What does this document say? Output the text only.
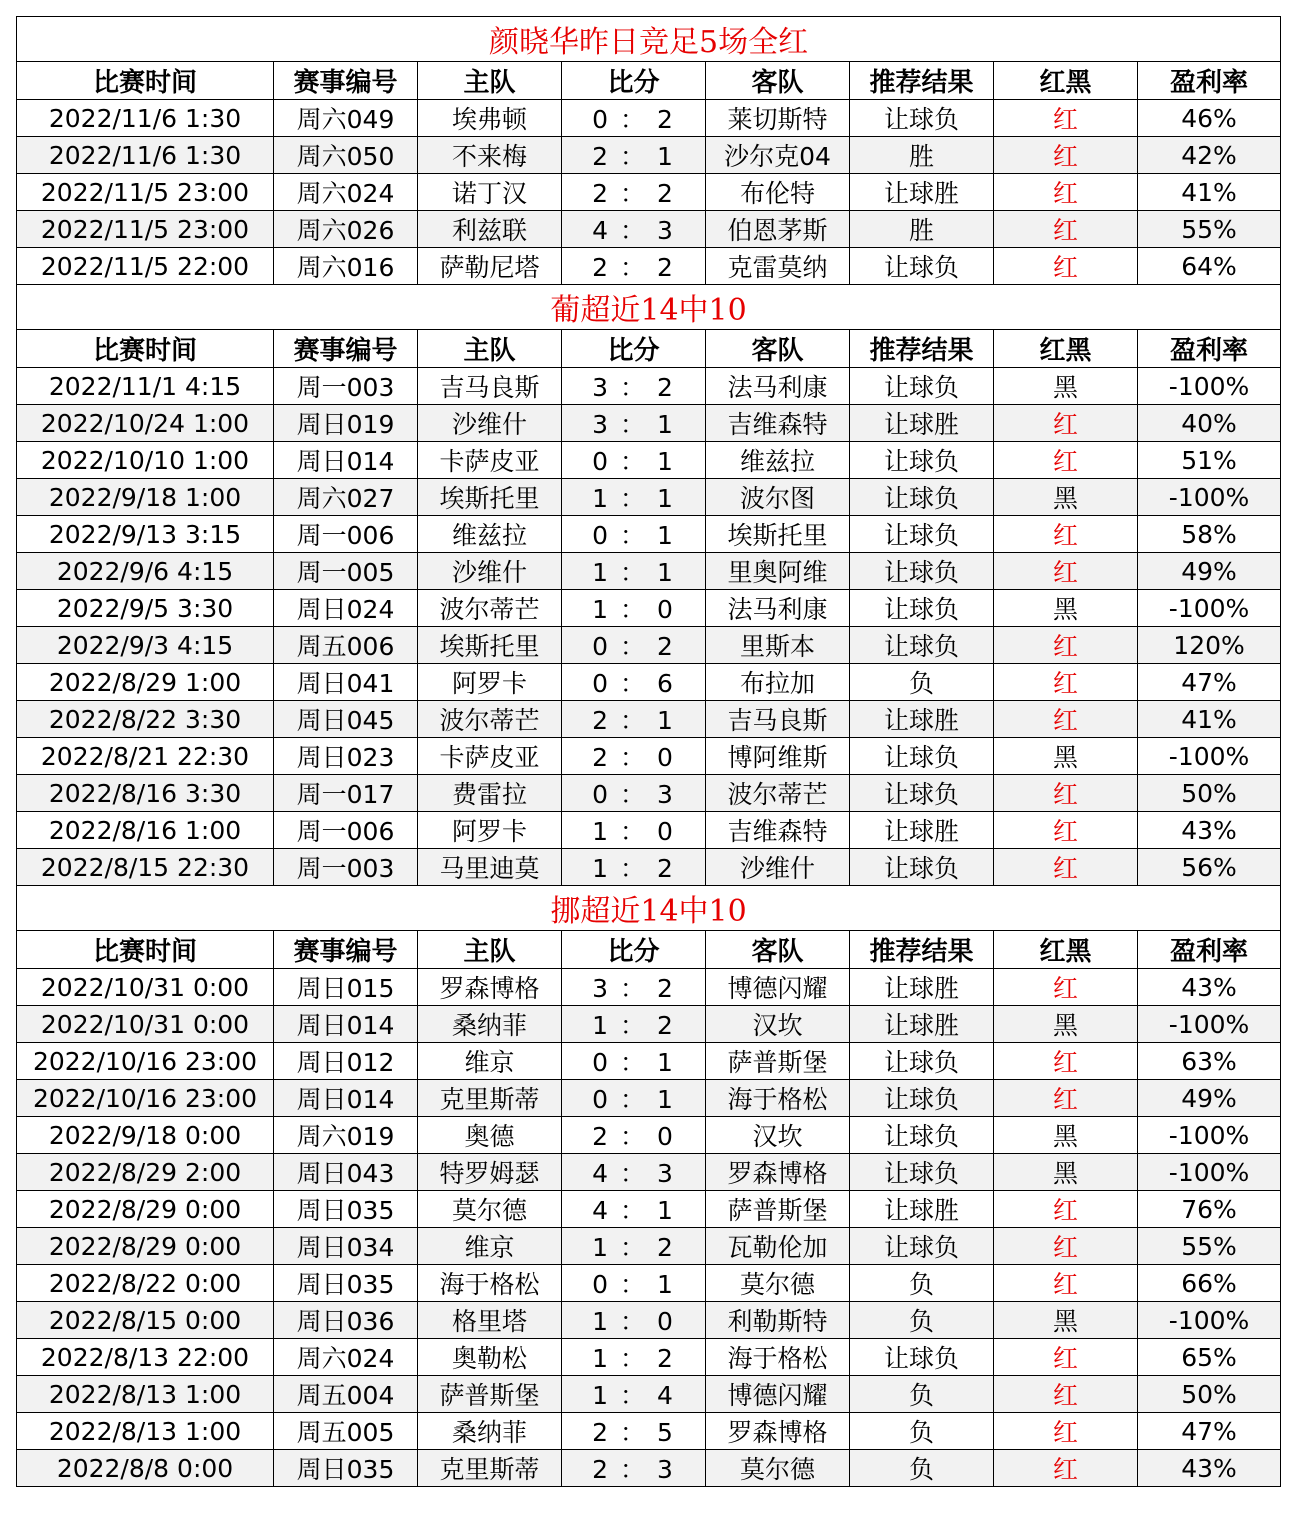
颜晓华昨日竞足5场全红							
比赛时间	赛事编号	主队	比分	客队	推荐结果	红黑	盈利率
2022/11/6 1:30	周六049	埃弗顿	0 ： 2	莱切斯特	让球负	红	46%
2022/11/6 1:30	周六050	不来梅	2 ： 1	沙尔克04	胜	红	42%
2022/11/5 23:00	周六024	诺丁汉	2 ： 2	布伦特	让球胜	红	41%
2022/11/5 23:00	周六026	利兹联	4 ： 3	伯恩茅斯	胜	红	55%
2022/11/5 22:00	周六016	萨勒尼塔	2 ： 2	克雷莫纳	让球负	红	64%
葡超近14中10							
比赛时间	赛事编号	主队	比分	客队	推荐结果	红黑	盈利率
2022/11/1 4:15	周一003	吉马良斯	3 ： 2	法马利康	让球负	黑	-100%
2022/10/24 1:00	周日019	沙维什	3 ： 1	吉维森特	让球胜	红	40%
2022/10/10 1:00	周日014	卡萨皮亚	0 ： 1	维兹拉	让球负	红	51%
2022/9/18 1:00	周六027	埃斯托里	1 ： 1	波尔图	让球负	黑	-100%
2022/9/13 3:15	周一006	维兹拉	0 ： 1	埃斯托里	让球负	红	58%
2022/9/6 4:15	周一005	沙维什	1 ： 1	里奥阿维	让球负	红	49%
2022/9/5 3:30	周日024	波尔蒂芒	1 ： 0	法马利康	让球负	黑	-100%
2022/9/3 4:15	周五006	埃斯托里	0 ： 2	里斯本	让球负	红	120%
2022/8/29 1:00	周日041	阿罗卡	0 ： 6	布拉加	负	红	47%
2022/8/22 3:30	周日045	波尔蒂芒	2 ： 1	吉马良斯	让球胜	红	41%
2022/8/21 22:30	周日023	卡萨皮亚	2 ： 0	博阿维斯	让球负	黑	-100%
2022/8/16 3:30	周一017	费雷拉	0 ： 3	波尔蒂芒	让球负	红	50%
2022/8/16 1:00	周一006	阿罗卡	1 ： 0	吉维森特	让球胜	红	43%
2022/8/15 22:30	周一003	马里迪莫	1 ： 2	沙维什	让球负	红	56%
挪超近14中10							
比赛时间	赛事编号	主队	比分	客队	推荐结果	红黑	盈利率
2022/10/31 0:00	周日015	罗森博格	3 ： 2	博德闪耀	让球胜	红	43%
2022/10/31 0:00	周日014	桑纳菲	1 ： 2	汉坎	让球胜	黑	-100%
2022/10/16 23:00	周日012	维京	0 ： 1	萨普斯堡	让球负	红	63%
2022/10/16 23:00	周日014	克里斯蒂	0 ： 1	海于格松	让球负	红	49%
2022/9/18 0:00	周六019	奥德	2 ： 0	汉坎	让球负	黑	-100%
2022/8/29 2:00	周日043	特罗姆瑟	4 ： 3	罗森博格	让球负	黑	-100%
2022/8/29 0:00	周日035	莫尔德	4 ： 1	萨普斯堡	让球胜	红	76%
2022/8/29 0:00	周日034	维京	1 ： 2	瓦勒伦加	让球负	红	55%
2022/8/22 0:00	周日035	海于格松	0 ： 1	莫尔德	负	红	66%
2022/8/15 0:00	周日036	格里塔	1 ： 0	利勒斯特	负	黑	-100%
2022/8/13 22:00	周六024	奥勒松	1 ： 2	海于格松	让球负	红	65%
2022/8/13 1:00	周五004	萨普斯堡	1 ： 4	博德闪耀	负	红	50%
2022/8/13 1:00	周五005	桑纳菲	2 ： 5	罗森博格	负	红	47%
2022/8/8 0:00	周日035	克里斯蒂	2 ： 3	莫尔德	负	红	43%
